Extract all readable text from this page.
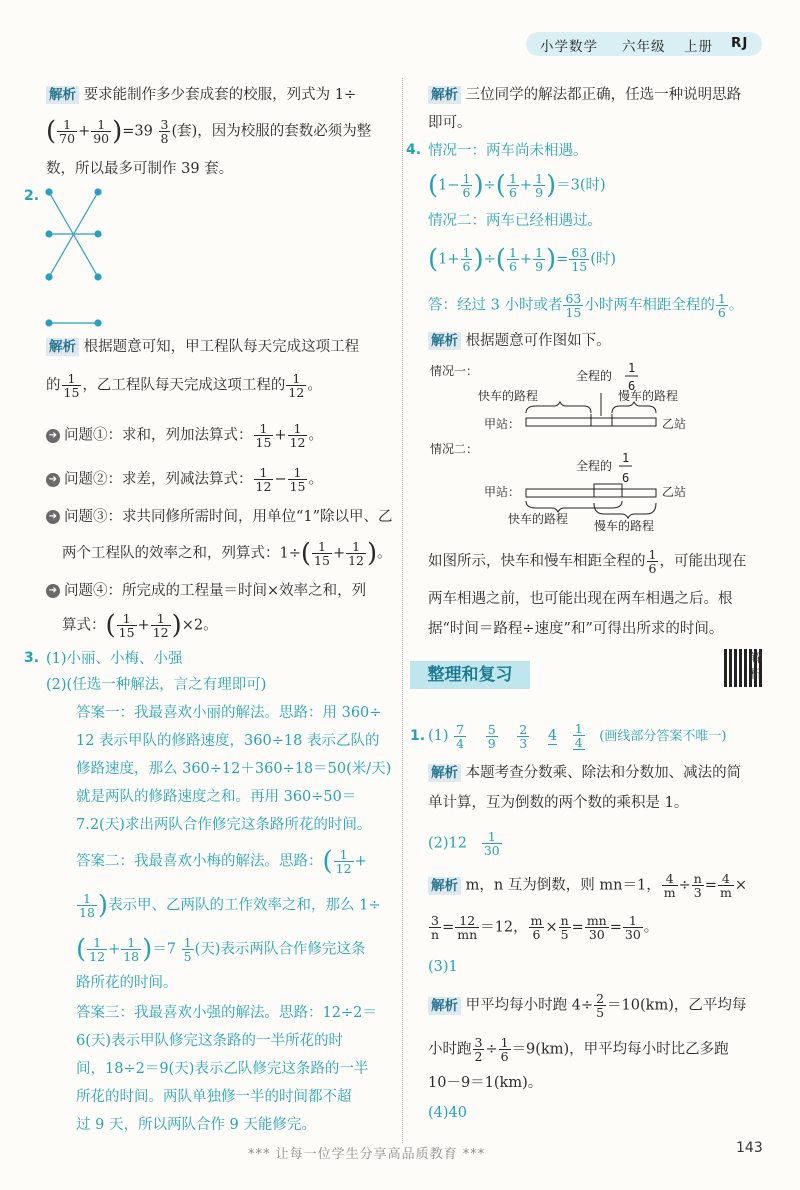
小学数学 六年级 上册 RJ
解析 要求能制作多少套成套的校服，列式为 1÷
( $\frac{1}{70} + \frac{1}{90} )=39 \frac{3}{8}$ (套)，因为校服的套数必须为整
数，所以最多可制作 39 套。
2.
解析 根据题意可知，甲工程队每天完成这项工程
的 $\frac{1}{15}$ ，乙工程队每天完成这项工程的 $\frac{1}{12}$ 。
➜ 问题①：求和，列加法算式： $\frac{1}{15} + \frac{1}{12}$ 。
➜ 问题②：求差，列减法算式： $\frac{1}{12} - \frac{1}{15}$ 。
➜ 问题③：求共同修所需时间，用单位“1”除以甲、乙
两个工程队的效率之和，列算式：$1\div( \frac{1}{15} + \frac{1}{12}$ )。
➜ 问题④：所完成的工程量＝时间×效率之和，列
算式：( $\frac{1}{15} + \frac{1}{12} )\times 2$。
3. (1)小丽、小梅、小强
(2)(任选一种解法，言之有理即可)
答案一：我最喜欢小丽的解法。思路：用 360÷
12 表示甲队的修路速度，360÷18 表示乙队的
修路速度，那么 360÷12＋360÷18＝50(米/天)
就是两队的修路速度之和。再用 360÷50＝
7.2(天)求出两队合作修完这条路所花的时间。
答案二：我最喜欢小梅的解法。思路：( $\frac{1}{12}$ +
$\frac{1}{18}$ )表示甲、乙两队的工作效率之和，那么 1÷
( $\frac{1}{12} + \frac{1}{18} )=7 \frac{1}{5}$ (天)表示两队合作修完这条
路所花的时间。
答案三：我最喜欢小强的解法。思路：12÷2＝
6(天)表示甲队修完这条路的一半所花的时
间，18÷2＝9(天)表示乙队修完这条路的一半
所花的时间。两队单独修一半的时间都不超
过 9 天，所以两队合作 9 天能修完。
解析 三位同学的解法都正确，任选一种说明思路
即可。
4. 情况一：两车尚未相遇。
($1- \frac{1}{6}$ )÷( $\frac{1}{6} + \frac{1}{9} )=3$(时)
情况二：两车已经相遇过。
($1+ \frac{1}{6}$ )÷( $\frac{1}{6} + \frac{1}{9}$ )= $\frac{63}{15}$ (时)
答：经过 3 小时或者 $\frac{63}{15}$ 小时两车相距全程的 $\frac{1}{6}$ 。
解析 根据题意可作图如下。
情况一：	全程的
1
6
快车的路程	慢车的路程
甲站：	乙站
情况二：
全程的
1
6
甲站：	乙站
快车的路程 慢车的路程
如图所示，快车和慢车相距全程的 $\frac{1}{6}$ ，可能出现在
两车相遇之前，也可能出现在两车相遇之后。根
据“时间＝路程÷速度”和”可得出所求的时间。
整理和复习
解析
1. $(1) \frac{7}{4}$
$\frac{5}{9}$
$\frac{2}{3} 4 \frac{1}{4}$ (画线部分答案不唯一)
解析 本题考查分数乘、除法和分数加、减法的简
单计算，互为倒数的两个数的乘积是 1。
$(2)12 \frac{1}{30}$
解析 m，n 互为倒数，则 mn＝1， $\frac{4}{m} \div \frac{n}{3} = \frac{4}{m}$ ×
$\frac{3}{n} = \frac{12}{mn} =12$， $\frac{m}{6} \times \frac{n}{5} = \frac{mn}{30} = \frac{1}{30}$ 。
(3)1
解析 甲平均每小时跑 $4\div \frac{2}{5} =10(km)$，乙平均每
小时跑 $\frac{3}{2} \div \frac{1}{6} =9(km)$，甲平均每小时比乙多跑
10－9＝1(km)。
(4)40
*** 让每一位学生分享高品质教育 ***	143
